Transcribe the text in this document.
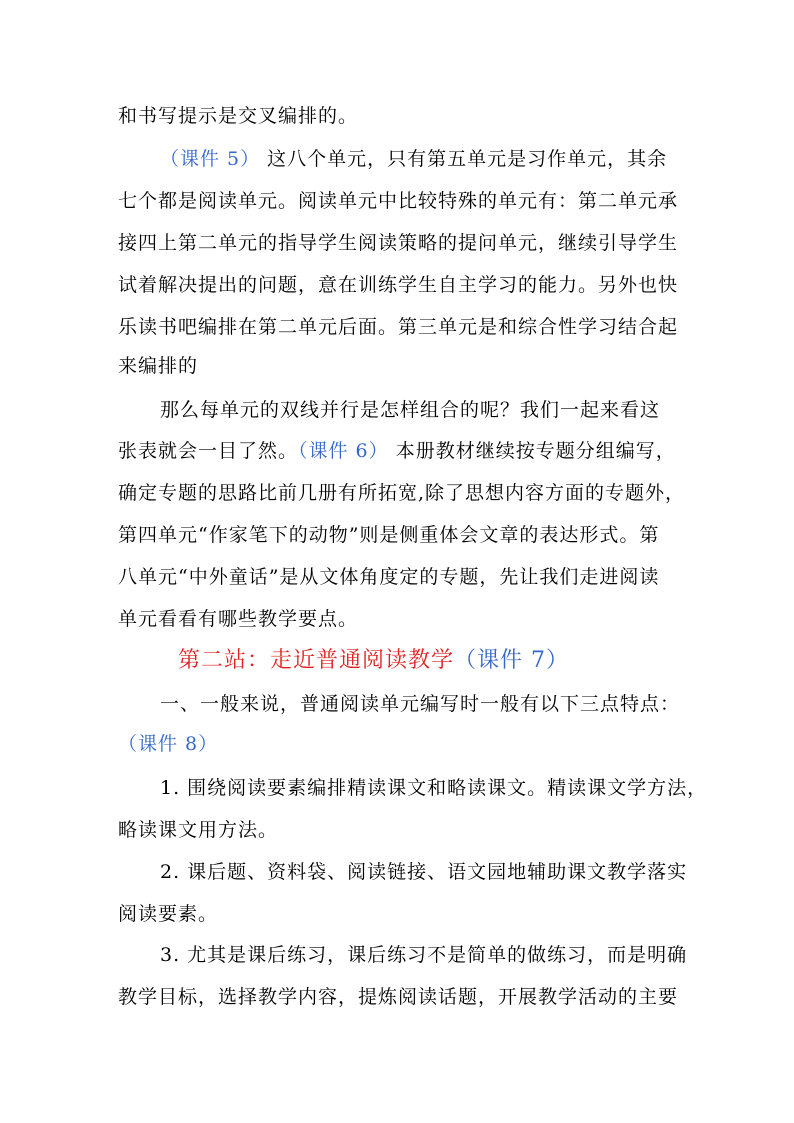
和书写提示是交叉编排的。
（课件 5） 这八个单元，只有第五单元是习作单元，其余
七个都是阅读单元。阅读单元中比较特殊的单元有：第二单元承
接四上第二单元的指导学生阅读策略的提问单元，继续引导学生
试着解决提出的问题，意在训练学生自主学习的能力。另外也快
乐读书吧编排在第二单元后面。第三单元是和综合性学习结合起
来编排的
那么每单元的双线并行是怎样组合的呢？我们一起来看这
张表就会一目了然。（课件 6） 本册教材继续按专题分组编写，
确定专题的思路比前几册有所拓宽,除了思想内容方面的专题外，
第四单元“作家笔下的动物”则是侧重体会文章的表达形式。第
八单元“中外童话”是从文体角度定的专题，先让我们走进阅读
单元看看有哪些教学要点。
第二站：走近普通阅读教学（课件 7）
一、一般来说，普通阅读单元编写时一般有以下三点特点：
（课件 8）
1. 围绕阅读要素编排精读课文和略读课文。精读课文学方法，
略读课文用方法。
2. 课后题、资料袋、阅读链接、语文园地辅助课文教学落实
阅读要素。
3. 尤其是课后练习，课后练习不是简单的做练习，而是明确
教学目标，选择教学内容，提炼阅读话题，开展教学活动的主要
